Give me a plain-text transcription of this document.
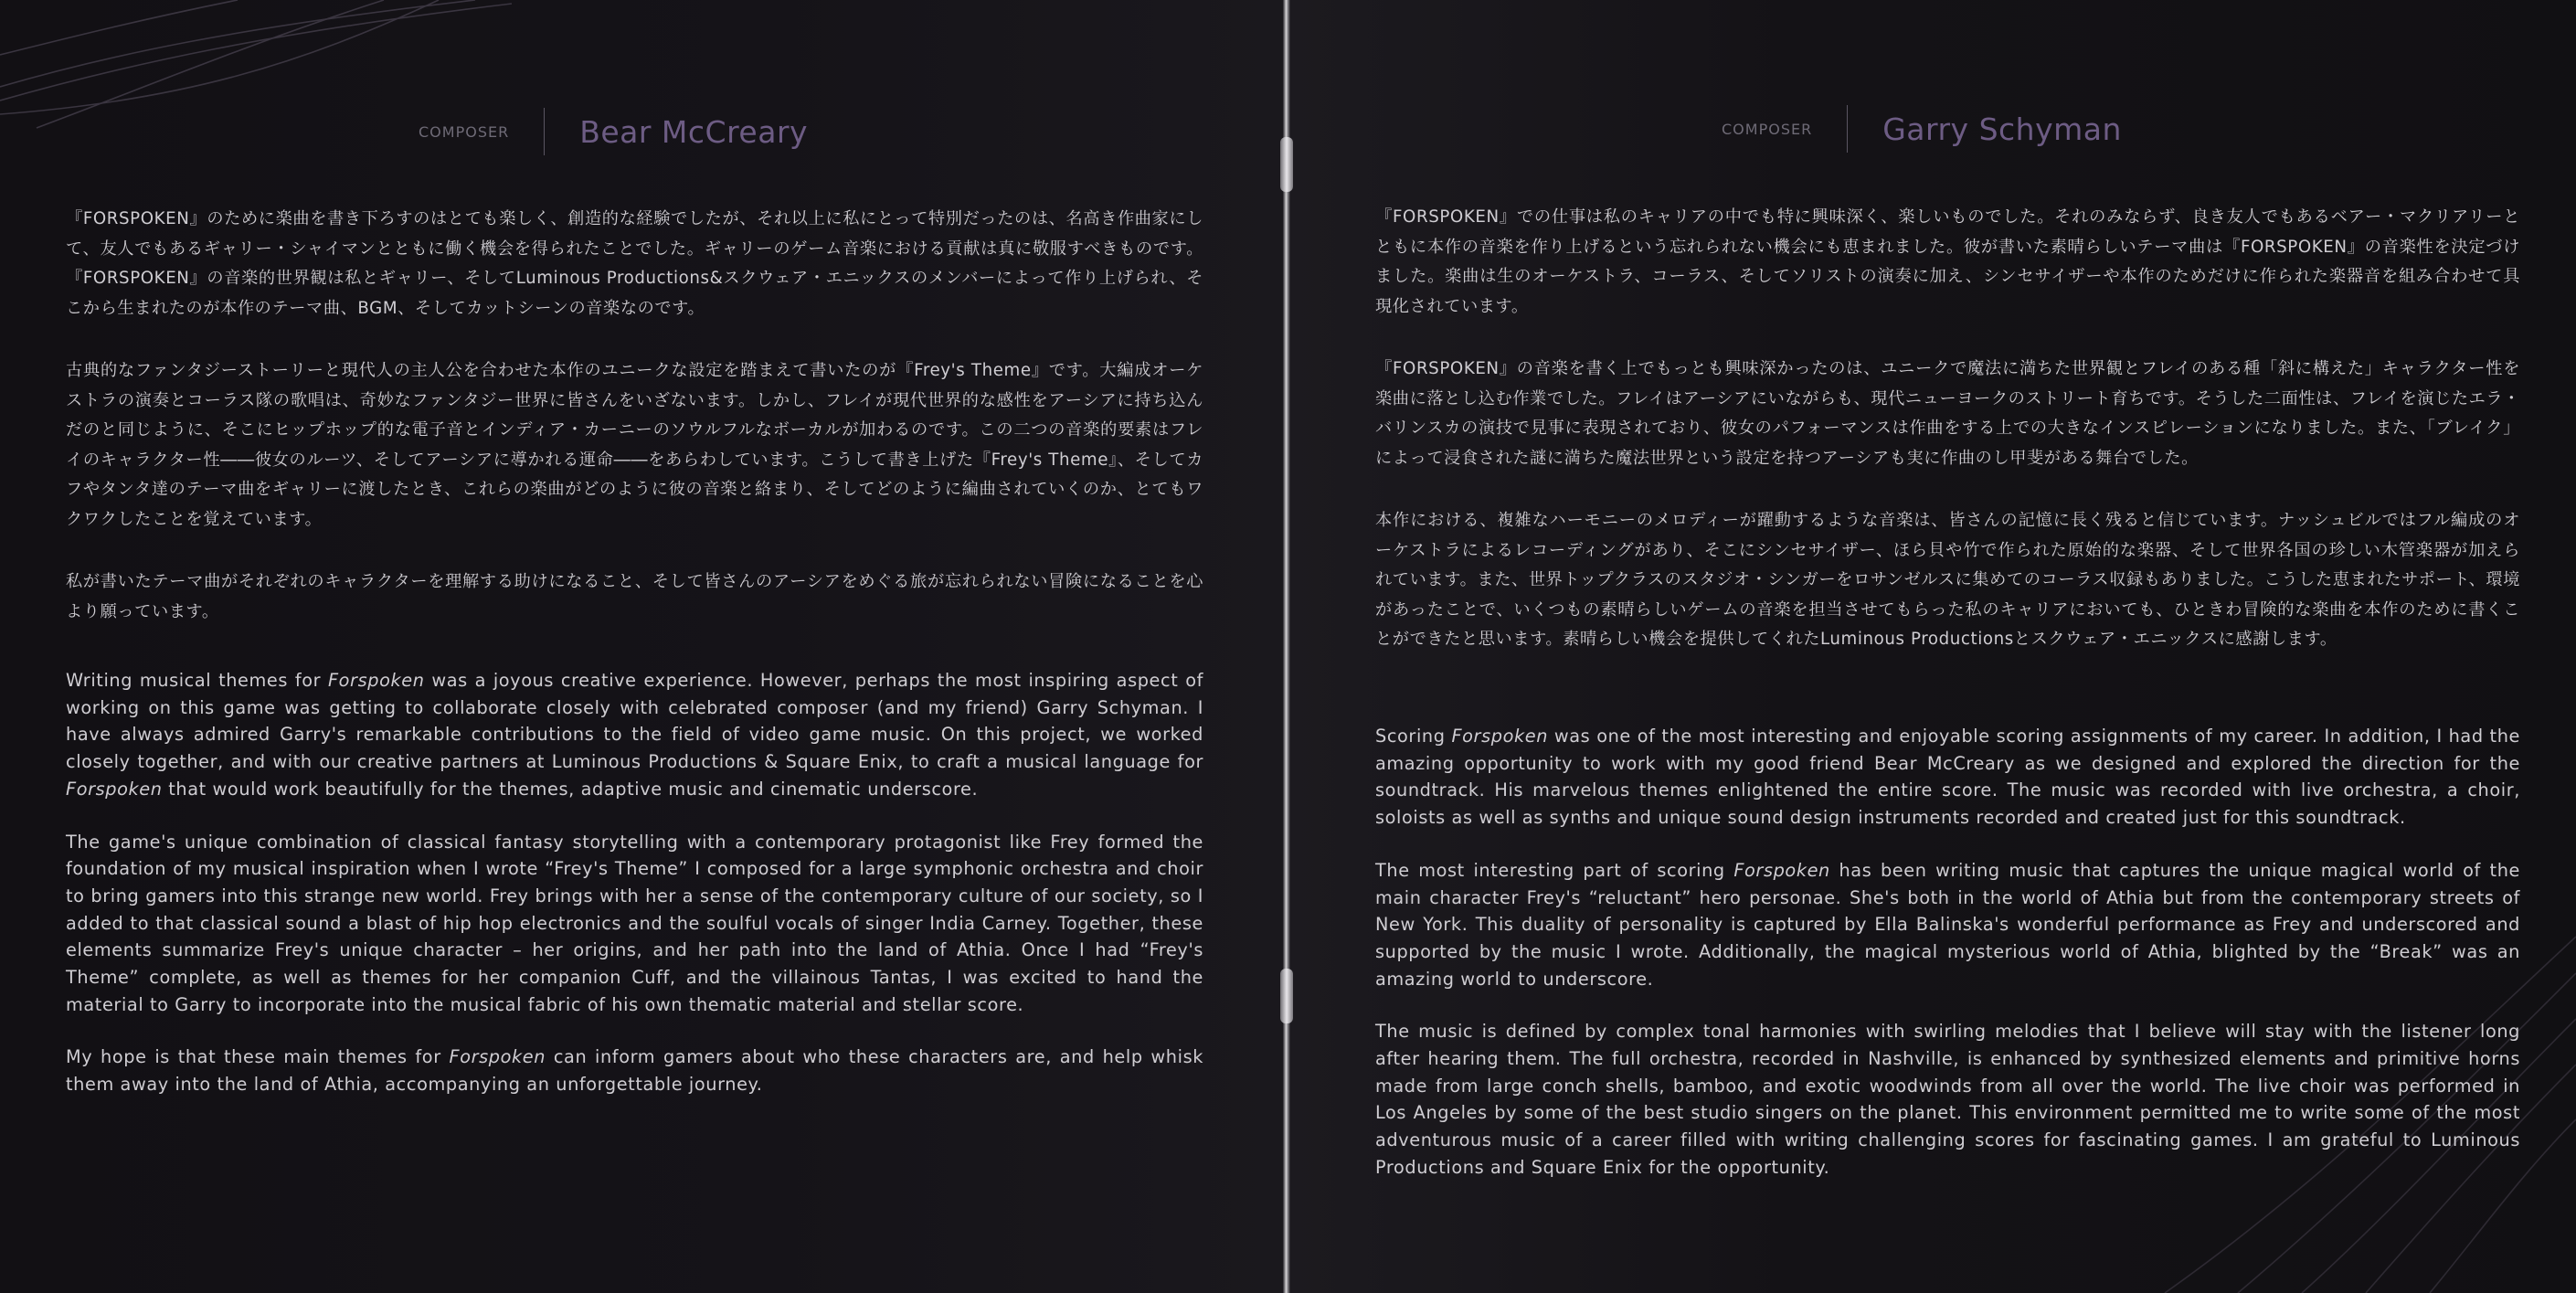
COMPOSER Bear McCreary

『FORSPOKEN』のために楽曲を書き下ろすのはとても楽しく、創造的な経験でしたが、それ以上に私にとって特別だったのは、名高き作曲家にして、友人でもあるギャリー・シャイマンとともに働く機会を得られたことでした。ギャリーのゲーム音楽における貢献は真に敬服すべきものです。『FORSPOKEN』の音楽的世界観は私とギャリー、そしてLuminous Productions&スクウェア・エニックスのメンバーによって作り上げられ、そこから生まれたのが本作のテーマ曲、BGM、そしてカットシーンの音楽なのです。

古典的なファンタジーストーリーと現代人の主人公を合わせた本作のユニークな設定を踏まえて書いたのが『Frey's Theme』です。大編成オーケストラの演奏とコーラス隊の歌唱は、奇妙なファンタジー世界に皆さんをいざないます。しかし、フレイが現代世界的な感性をアーシアに持ち込んだのと同じように、そこにヒップホップ的な電子音とインディア・カーニーのソウルフルなボーカルが加わるのです。この二つの音楽的要素はフレイのキャラクター性――彼女のルーツ、そしてアーシアに導かれる運命――をあらわしています。こうして書き上げた『Frey's Theme』、そしてカフやタンタ達のテーマ曲をギャリーに渡したとき、これらの楽曲がどのように彼の音楽と絡まり、そしてどのように編曲されていくのか、とてもワクワクしたことを覚えています。

私が書いたテーマ曲がそれぞれのキャラクターを理解する助けになること、そして皆さんのアーシアをめぐる旅が忘れられない冒険になることを心より願っています。

Writing musical themes for Forspoken was a joyous creative experience. However, perhaps the most inspiring aspect of working on this game was getting to collaborate closely with celebrated composer (and my friend) Garry Schyman. I have always admired Garry's remarkable contributions to the field of video game music. On this project, we worked closely together, and with our creative partners at Luminous Productions & Square Enix, to craft a musical language for Forspoken that would work beautifully for the themes, adaptive music and cinematic underscore.

The game's unique combination of classical fantasy storytelling with a contemporary protagonist like Frey formed the foundation of my musical inspiration when I wrote “Frey's Theme” I composed for a large symphonic orchestra and choir to bring gamers into this strange new world. Frey brings with her a sense of the contemporary culture of our society, so I added to that classical sound a blast of hip hop electronics and the soulful vocals of singer India Carney. Together, these elements summarize Frey's unique character – her origins, and her path into the land of Athia. Once I had “Frey's Theme” complete, as well as themes for her companion Cuff, and the villainous Tantas, I was excited to hand the material to Garry to incorporate into the musical fabric of his own thematic material and stellar score.

My hope is that these main themes for Forspoken can inform gamers about who these characters are, and help whisk them away into the land of Athia, accompanying an unforgettable journey.

COMPOSER Garry Schyman

『FORSPOKEN』での仕事は私のキャリアの中でも特に興味深く、楽しいものでした。それのみならず、良き友人でもあるベアー・マクリアリーとともに本作の音楽を作り上げるという忘れられない機会にも恵まれました。彼が書いた素晴らしいテーマ曲は『FORSPOKEN』の音楽性を決定づけました。楽曲は生のオーケストラ、コーラス、そしてソリストの演奏に加え、シンセサイザーや本作のためだけに作られた楽器音を組み合わせて具現化されています。

『FORSPOKEN』の音楽を書く上でもっとも興味深かったのは、ユニークで魔法に満ちた世界観とフレイのある種「斜に構えた」キャラクター性を楽曲に落とし込む作業でした。フレイはアーシアにいながらも、現代ニューヨークのストリート育ちです。そうした二面性は、フレイを演じたエラ・バリンスカの演技で見事に表現されており、彼女のパフォーマンスは作曲をする上での大きなインスピレーションになりました。また、「ブレイク」によって浸食された謎に満ちた魔法世界という設定を持つアーシアも実に作曲のし甲斐がある舞台でした。

本作における、複雑なハーモニーのメロディーが躍動するような音楽は、皆さんの記憶に長く残ると信じています。ナッシュビルではフル編成のオーケストラによるレコーディングがあり、そこにシンセサイザー、ほら貝や竹で作られた原始的な楽器、そして世界各国の珍しい木管楽器が加えられています。また、世界トップクラスのスタジオ・シンガーをロサンゼルスに集めてのコーラス収録もありました。こうした恵まれたサポート、環境があったことで、いくつもの素晴らしいゲームの音楽を担当させてもらった私のキャリアにおいても、ひときわ冒険的な楽曲を本作のために書くことができたと思います。素晴らしい機会を提供してくれたLuminous Productionsとスクウェア・エニックスに感謝します。

Scoring Forspoken was one of the most interesting and enjoyable scoring assignments of my career. In addition, I had the amazing opportunity to work with my good friend Bear McCreary as we designed and explored the direction for the soundtrack. His marvelous themes enlightened the entire score. The music was recorded with live orchestra, a choir, soloists as well as synths and unique sound design instruments recorded and created just for this soundtrack.

The most interesting part of scoring Forspoken has been writing music that captures the unique magical world of the main character Frey's “reluctant” hero personae. She's both in the world of Athia but from the contemporary streets of New York. This duality of personality is captured by Ella Balinska's wonderful performance as Frey and underscored and supported by the music I wrote. Additionally, the magical mysterious world of Athia, blighted by the “Break” was an amazing world to underscore.

The music is defined by complex tonal harmonies with swirling melodies that I believe will stay with the listener long after hearing them. The full orchestra, recorded in Nashville, is enhanced by synthesized elements and primitive horns made from large conch shells, bamboo, and exotic woodwinds from all over the world. The live choir was performed in Los Angeles by some of the best studio singers on the planet. This environment permitted me to write some of the most adventurous music of a career filled with writing challenging scores for fascinating games. I am grateful to Luminous Productions and Square Enix for the opportunity.
